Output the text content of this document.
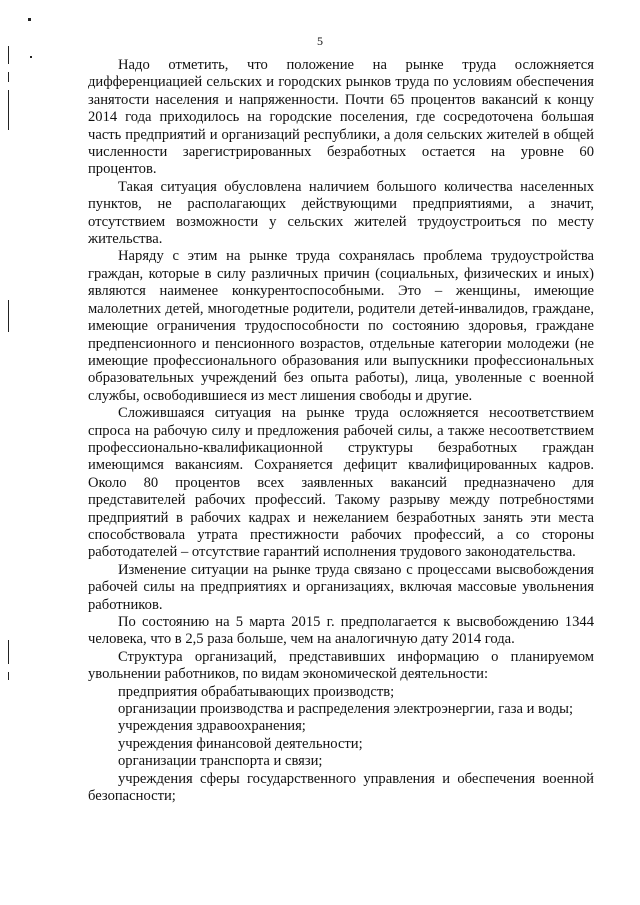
5

Надо отметить, что положение на рынке труда осложняется дифференциацией сельских и городских рынков труда по условиям обеспечения занятости населения и напряженности. Почти 65 процентов вакансий к концу 2014 года приходилось на городские поселения, где сосредоточена большая часть предприятий и организаций республики, а доля сельских жителей в общей численности зарегистрированных безработных остается на уровне 60 процентов.

Такая ситуация обусловлена наличием большого количества населенных пунктов, не располагающих действующими предприятиями, а значит, отсутствием возможности у сельских жителей трудоустроиться по месту жительства.

Наряду с этим на рынке труда сохранялась проблема трудоустройства граждан, которые в силу различных причин (социальных, физических и иных) являются наименее конкурентоспособными. Это – женщины, имеющие малолетних детей, многодетные родители, родители детей-инвалидов, граждане, имеющие ограничения трудоспособности по состоянию здоровья, граждане предпенсионного и пенсионного возрастов, отдельные категории молодежи (не имеющие профессионального образования или выпускники профессиональных образовательных учреждений без опыта работы), лица, уволенные с военной службы, освободившиеся из мест лишения свободы и другие.

Сложившаяся ситуация на рынке труда осложняется несоответствием спроса на рабочую силу и предложения рабочей силы, а также несоответствием профессионально-квалификационной структуры безработных граждан имеющимся вакансиям. Сохраняется дефицит квалифицированных кадров. Около 80 процентов всех заявленных вакансий предназначено для представителей рабочих профессий. Такому разрыву между потребностями предприятий в рабочих кадрах и нежеланием безработных занять эти места способствовала утрата престижности рабочих профессий, а со стороны работодателей – отсутствие гарантий исполнения трудового законодательства.

Изменение ситуации на рынке труда связано с процессами высвобождения рабочей силы на предприятиях и организациях, включая массовые увольнения работников.

По состоянию на 5 марта 2015 г. предполагается к высвобождению 1344 человека, что в 2,5 раза больше, чем на аналогичную дату 2014 года.

Структура организаций, представивших информацию о планируемом увольнении работников, по видам экономической деятельности:

предприятия обрабатывающих производств;

организации производства и распределения электроэнергии, газа и воды;

учреждения здравоохранения;

учреждения финансовой деятельности;

организации транспорта и связи;

учреждения сферы государственного управления и обеспечения военной безопасности;
